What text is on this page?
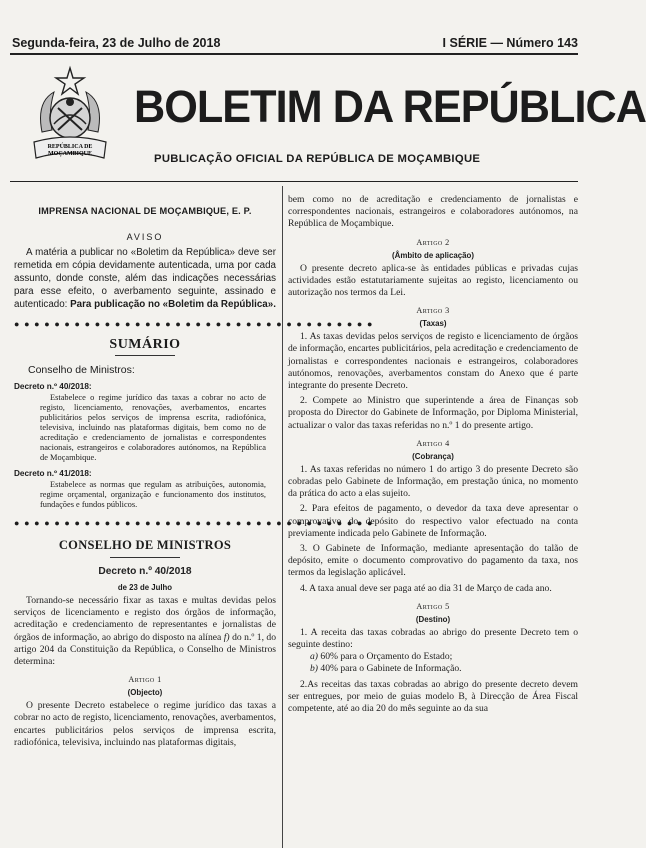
Segunda-feira, 23 de Julho de 2018	I SÉRIE — Número 143
REPÚBLICA DE
MOÇAMBIQUE
BOLETIM DA REPÚBLICA
PUBLICAÇÃO OFICIAL DA REPÚBLICA DE MOÇAMBIQUE
IMPRENSA NACIONAL DE MOÇAMBIQUE, E. P.
AVISO
A matéria a publicar no «Boletim da República» deve ser remetida em cópia devidamente autenticada, uma por cada assunto, donde conste, além das indicações necessárias para esse efeito, o averbamento seguinte, assinado e autenticado: Para publicação no «Boletim da República».
● ● ● ● ● ● ● ● ● ● ● ● ● ● ● ● ● ● ● ● ● ● ● ● ● ● ● ● ● ● ● ● ● ● ● ●
SUMÁRIO
Conselho de Ministros:
Decreto n.º 40/2018:
Estabelece o regime jurídico das taxas a cobrar no acto de registo, licenciamento, renovações, averbamentos, encartes publicitários pelos serviços de imprensa escrita, radiofónica, televisiva, incluindo nas plataformas digitais, bem como no de acreditação e credenciamento de jornalistas e correspondentes nacionais, estrangeiros e colaboradores autónomos, na República de Moçambique.
Decreto n.º 41/2018:
Estabelece as normas que regulam as atribuições, autonomia, regime orçamental, organização e funcionamento dos institutos, fundações e fundos públicos.
● ● ● ● ● ● ● ● ● ● ● ● ● ● ● ● ● ● ● ● ● ● ● ● ● ● ● ● ● ● ● ● ● ● ● ●
CONSELHO DE MINISTROS
Decreto n.º 40/2018
de 23 de Julho

Tornando-se necessário fixar as taxas e multas devidas pelos serviços de licenciamento e registo dos órgãos de informação, acreditação e credenciamento de representantes e jornalistas de órgãos de informação, ao abrigo do disposto na alínea f) do n.º 1, do artigo 204 da Constituição da República, o Conselho de Ministros determina:

Artigo 1
(Objecto)

O presente Decreto estabelece o regime jurídico das taxas a cobrar no acto de registo, licenciamento, renovações, averbamentos, encartes publicitários pelos serviços de imprensa escrita, radiofónica, televisiva, incluindo nas plataformas digitais,

bem como no de acreditação e credenciamento de jornalistas e correspondentes nacionais, estrangeiros e colaboradores autónomos, na República de Moçambique.

Artigo 2
(Âmbito de aplicação)

O presente decreto aplica-se às entidades públicas e privadas cujas actividades estão estatutariamente sujeitas ao registo, licenciamento ou autorização nos termos da Lei.

Artigo 3
(Taxas)

1. As taxas devidas pelos serviços de registo e licenciamento de órgãos de informação, encartes publicitários, pela acreditação e credenciamento de jornalistas e correspondentes nacionais e estrangeiros, colaboradores autónomos, renovações, averbamentos constam do Anexo que é parte integrante do presente Decreto.

2. Compete ao Ministro que superintende a área de Finanças sob proposta do Director do Gabinete de Informação, por Diploma Ministerial, actualizar o valor das taxas referidas no n.º 1 do presente artigo.

Artigo 4
(Cobrança)

1. As taxas referidas no número 1 do artigo 3 do presente Decreto são cobradas pelo Gabinete de Informação, em prestação única, no momento da prática do acto a elas sujeito.

2. Para efeitos de pagamento, o devedor da taxa deve apresentar o comprovativo do depósito do respectivo valor efectuado na conta previamente indicada pelo Gabinete de Informação.

3. O Gabinete de Informação, mediante apresentação do talão de depósito, emite o documento comprovativo do pagamento da taxa, nos termos da legislação aplicável.

4. A taxa anual deve ser paga até ao dia 31 de Março de cada ano.

Artigo 5
(Destino)

1. A receita das taxas cobradas ao abrigo do presente Decreto tem o seguinte destino:

a) 60% para o Orçamento do Estado;
b) 40% para o Gabinete de Informação.

2.As receitas das taxas cobradas ao abrigo do presente decreto devem ser entregues, por meio de guias modelo B, à Direcção de Área Fiscal competente, até ao dia 20 do mês seguinte ao da sua
